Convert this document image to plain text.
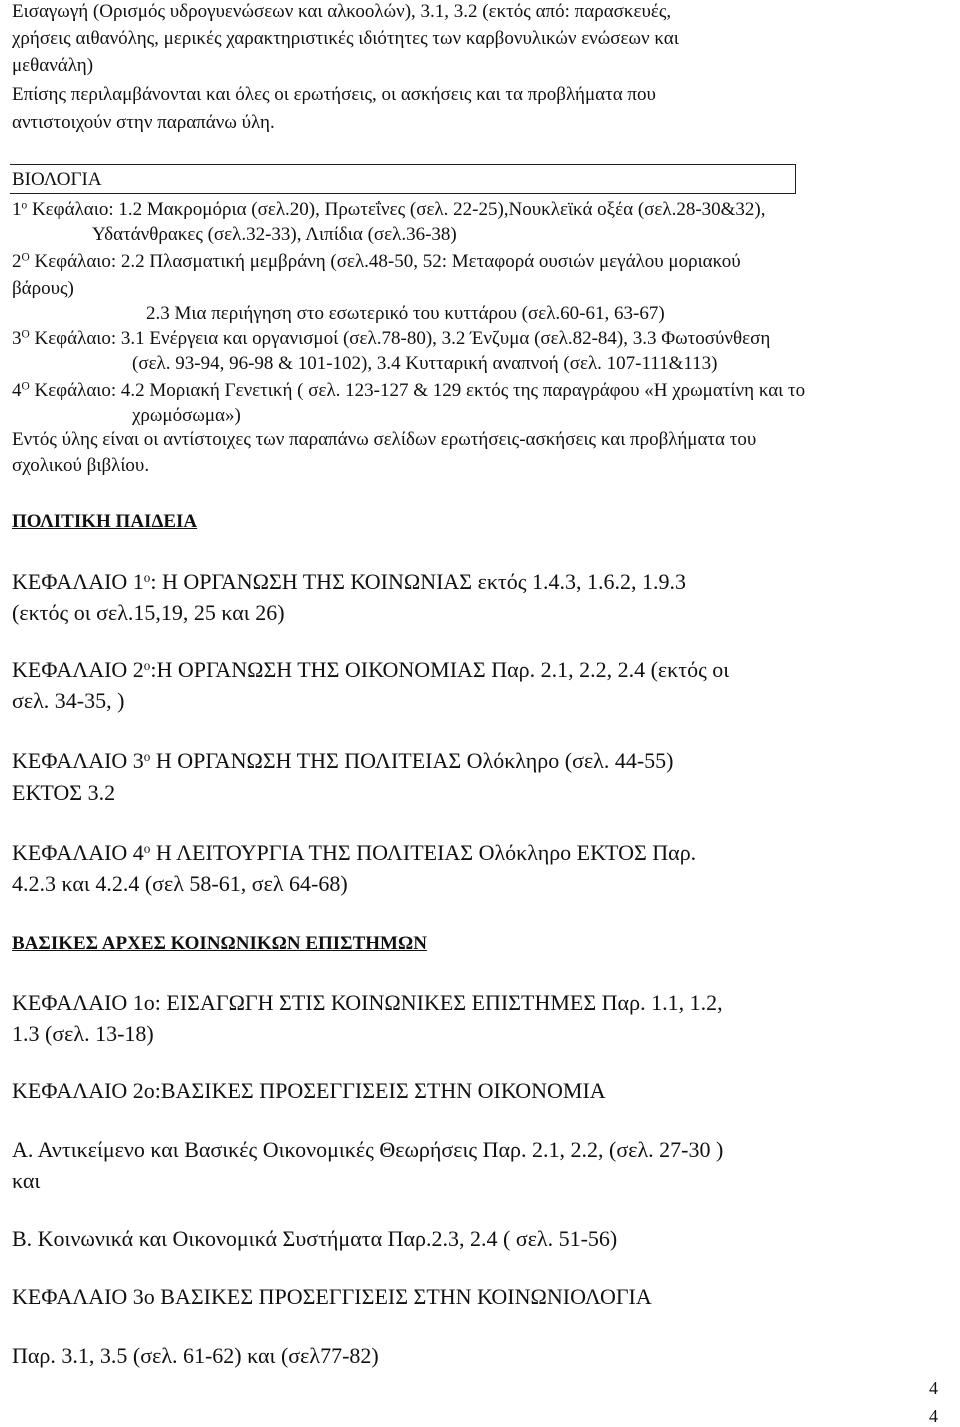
Εισαγωγή (Ορισμός υδρογυενώσεων και αλκοολών), 3.1, 3.2 (εκτός από: παρασκευές,
χρήσεις αιθανόλης, μερικές χαρακτηριστικές ιδιότητες των καρβονυλικών ενώσεων και
μεθανάλη)
Επίσης περιλαμβάνονται και όλες οι ερωτήσεις, οι ασκήσεις και τα προβλήματα που
αντιστοιχούν στην παραπάνω ύλη.
ΒΙΟΛΟΓΙΑ
$1^o$ Κεφάλαιο: 1.2 Μακρομόρια (σελ.20), Πρωτεΐνες (σελ. 22-25),Νουκλεϊκά οξέα (σελ.28-30&32),
Υδατάνθρακες (σελ.32-33), Λιπίδια (σελ.36-38)
$2^O$ Κεφάλαιο: 2.2 Πλασματική μεμβράνη (σελ.48-50, 52: Μεταφορά ουσιών μεγάλου μοριακού
βάρους)
2.3 Μια περιήγηση στο εσωτερικό του κυττάρου (σελ.60-61, 63-67)
$3^O$ Κεφάλαιο: 3.1 Ενέργεια και οργανισμοί (σελ.78-80), 3.2 Ένζυμα (σελ.82-84), 3.3 Φωτοσύνθεση
(σελ. 93-94, 96-98 & 101-102), 3.4 Κυτταρική αναπνοή (σελ. 107-111&113)
$4^O$ Κεφάλαιο: 4.2 Μοριακή Γενετική ( σελ. 123-127 & 129 εκτός της παραγράφου «Η χρωματίνη και το
χρωμόσωμα»)
Εντός ύλης είναι οι αντίστοιχες των παραπάνω σελίδων ερωτήσεις-ασκήσεις και προβλήματα του
σχολικού βιβλίου.
ΠΟΛΙΤΙΚΗ ΠΑΙΔΕΙΑ
ΚΕΦΑΛΑΙΟ $1^o$: Η ΟΡΓΑΝΩΣΗ ΤΗΣ ΚΟΙΝΩΝΙΑΣ εκτός 1.4.3, 1.6.2, 1.9.3
(εκτός οι σελ.15,19, 25 και 26)
ΚΕΦΑΛΑΙΟ $2^o:H$ ΟΡΓΑΝΩΣΗ ΤΗΣ ΟΙΚΟΝΟΜΙΑΣ Παρ. 2.1, 2.2, 2.4 (εκτός οι
σελ. 34-35, )
ΚΕΦΑΛΑΙΟ $3^o$ Η ΟΡΓΑΝΩΣΗ ΤΗΣ ΠΟΛΙΤΕΙΑΣ Ολόκληρο (σελ. 44-55)
ΕΚΤΟΣ 3.2
ΚΕΦΑΛΑΙΟ $4^o$ Η ΛΕΙΤΟΥΡΓΙΑ ΤΗΣ ΠΟΛΙΤΕΙΑΣ Ολόκληρο ΕΚΤΟΣ Παρ.
4.2.3 και 4.2.4 (σελ 58-61, σελ 64-68)
ΒΑΣΙΚΕΣ ΑΡΧΕΣ ΚΟΙΝΩΝΙΚΩΝ ΕΠΙΣΤΗΜΩΝ
ΚΕΦΑΛΑΙΟ 1ο: ΕΙΣΑΓΩΓΗ ΣΤΙΣ ΚΟΙΝΩΝΙΚΕΣ ΕΠΙΣΤΗΜΕΣ Παρ. 1.1, 1.2,
1.3 (σελ. 13-18)
ΚΕΦΑΛΑΙΟ 2ο:ΒΑΣΙΚΕΣ ΠΡΟΣΕΓΓΙΣΕΙΣ ΣΤΗΝ ΟΙΚΟΝΟΜΙΑ
Α. Αντικείμενο και Βασικές Οικονομικές Θεωρήσεις Παρ. 2.1, 2.2, (σελ. 27-30 )
και
Β. Κοινωνικά και Οικονομικά Συστήματα Παρ.2.3, 2.4 ( σελ. 51-56)
ΚΕΦΑΛΑΙΟ 3ο ΒΑΣΙΚΕΣ ΠΡΟΣΕΓΓΙΣΕΙΣ ΣΤΗΝ ΚΟΙΝΩΝΙΟΛΟΓΙΑ
Παρ. 3.1, 3.5 (σελ. 61-62) και (σελ77-82)
4
4
